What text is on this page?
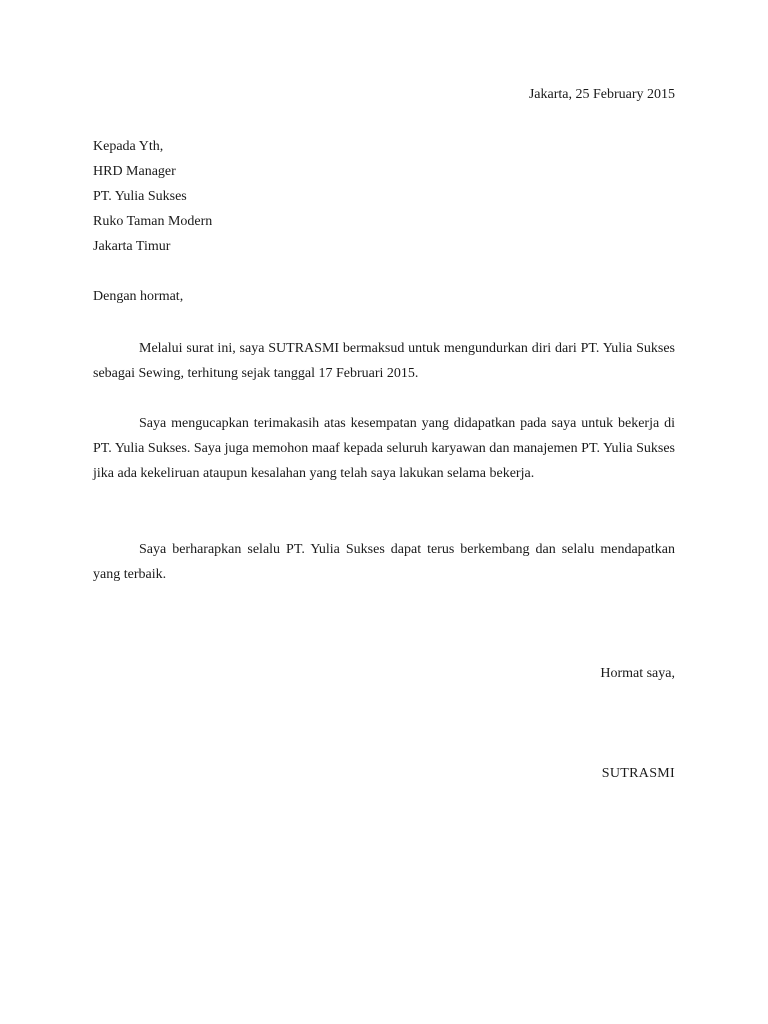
Jakarta, 25 February 2015
Kepada Yth,
HRD Manager
PT. Yulia Sukses
Ruko Taman Modern
Jakarta Timur
Dengan hormat,

Melalui surat ini, saya SUTRASMI bermaksud untuk mengundurkan diri dari PT. Yulia Sukses sebagai Sewing, terhitung sejak tanggal 17 Februari 2015.

Saya mengucapkan terimakasih atas kesempatan yang didapatkan pada saya untuk bekerja di PT. Yulia Sukses. Saya juga memohon maaf kepada seluruh karyawan dan manajemen PT. Yulia Sukses jika ada kekeliruan ataupun kesalahan yang telah saya lakukan selama bekerja.

Saya berharapkan selalu PT. Yulia Sukses dapat terus berkembang dan selalu mendapatkan yang terbaik.

Hormat saya,
SUTRASMI
